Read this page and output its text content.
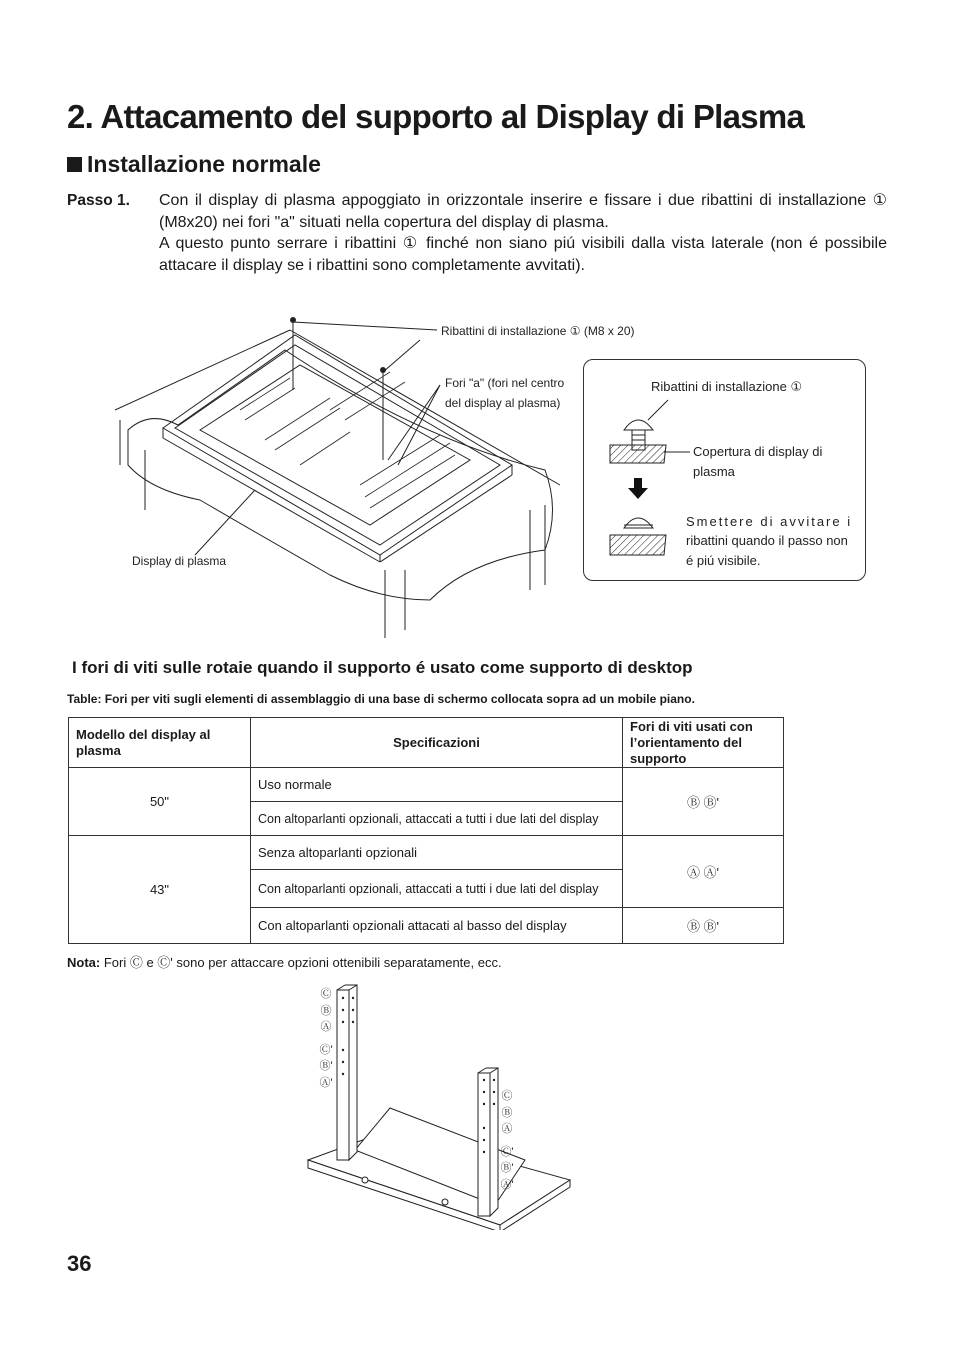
2. Attacamento del supporto al Display di Plasma
Installazione normale
Passo 1. Con il display di plasma appoggiato in orizzontale inserire e fissare i due ribattini di installazione ① (M8x20) nei fori "a" situati nella copertura del display di plasma.

A questo punto serrare i ribattini ① finché non siano piú visibili dalla vista laterale (non é possibile attacare il display se i ribattini sono completamente avvitati).

Ribattini di installazione ① (M8 x 20)
Fori "a" (fori nel centro
del display al plasma)
Display di plasma
Ribattini di installazione ①
Copertura di display di
plasma
Smettere di avvitare i
ribattini quando il passo non
é piú visibile.
I fori di viti sulle rotaie quando il supporto é usato come supporto di desktop
Table: Fori per viti sugli elementi di assemblaggio di una base di schermo collocata sopra ad un mobile piano.
Modello del display al plasma	Specificazioni	Fori di viti usati con l’orientamento del supporto
50"	Uso normale	Ⓑ Ⓑ'
	Con altoparlanti opzionali, attaccati a tutti i due lati del display	
43"	Senza altoparlanti opzionali	Ⓐ Ⓐ'
	Con altoparlanti opzionali, attaccati a tutti i due lati del display	
	Con altoparlanti opzionali attacati al basso del display	Ⓑ Ⓑ'
Nota: Fori Ⓒ e Ⓒ' sono per attaccare opzioni ottenibili separatamente, ecc.
Ⓒ
Ⓑ
Ⓐ
Ⓒ'
Ⓑ'
Ⓐ'
Ⓒ
Ⓑ
Ⓐ
Ⓒ'
Ⓑ'
Ⓐ'
36
